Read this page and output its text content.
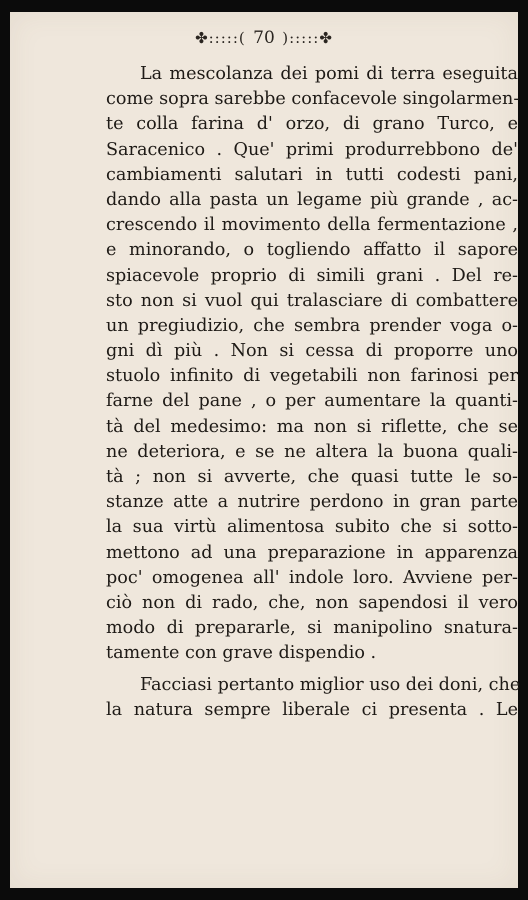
✤:::::( 70 ):::::✤
La mescolanza dei pomi di terra eseguita
come sopra sarebbe confacevole singolarmen-
te colla farina d' orzo, di grano Turco, e
Saracenico . Que' primi produrrebbono de'
cambiamenti salutari in tutti codesti pani,
dando alla pasta un legame più grande , ac-
crescendo il movimento della fermentazione ,
e minorando, o togliendo affatto il sapore
spiacevole proprio di simili grani . Del re-
sto non si vuol qui tralasciare di combattere
un pregiudizio, che sembra prender voga o-
gni dì più . Non si cessa di proporre uno
stuolo infinito di vegetabili non farinosi per
farne del pane , o per aumentare la quanti-
tà del medesimo: ma non si riflette, che se
ne deteriora, e se ne altera la buona quali-
tà ; non si avverte, che quasi tutte le so-
stanze atte a nutrire perdono in gran parte
la sua virtù alimentosa subito che si sotto-
mettono ad una preparazione in apparenza
poc' omogenea all' indole loro. Avviene per-
ciò non di rado, che, non sapendosi il vero
modo di prepararle, si manipolino snatura-
tamente con grave dispendio .
Facciasi pertanto miglior uso dei doni, che
la natura sempre liberale ci presenta . Le
